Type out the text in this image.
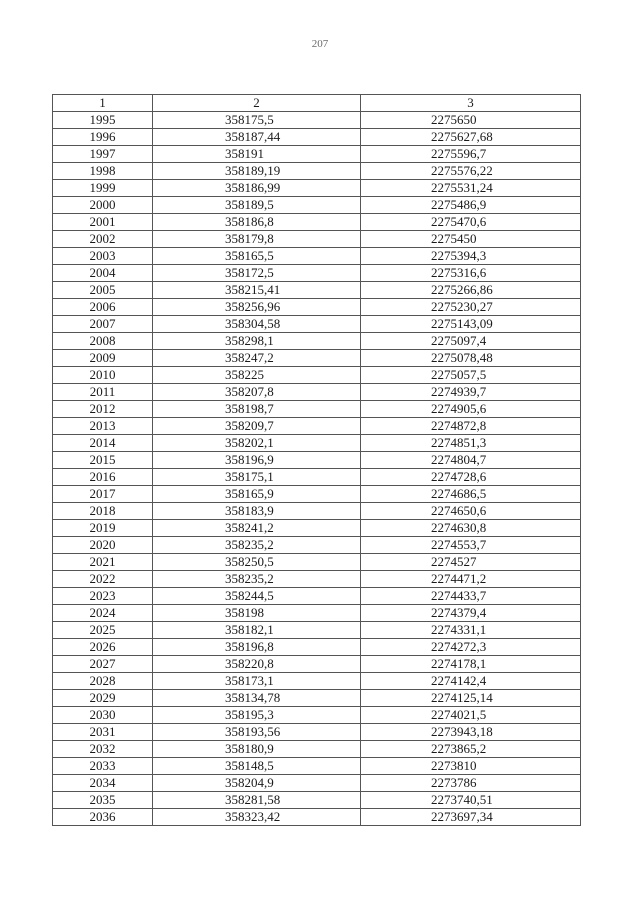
207
1	2	3
1995	358175,5	2275650
1996	358187,44	2275627,68
1997	358191	2275596,7
1998	358189,19	2275576,22
1999	358186,99	2275531,24
2000	358189,5	2275486,9
2001	358186,8	2275470,6
2002	358179,8	2275450
2003	358165,5	2275394,3
2004	358172,5	2275316,6
2005	358215,41	2275266,86
2006	358256,96	2275230,27
2007	358304,58	2275143,09
2008	358298,1	2275097,4
2009	358247,2	2275078,48
2010	358225	2275057,5
2011	358207,8	2274939,7
2012	358198,7	2274905,6
2013	358209,7	2274872,8
2014	358202,1	2274851,3
2015	358196,9	2274804,7
2016	358175,1	2274728,6
2017	358165,9	2274686,5
2018	358183,9	2274650,6
2019	358241,2	2274630,8
2020	358235,2	2274553,7
2021	358250,5	2274527
2022	358235,2	2274471,2
2023	358244,5	2274433,7
2024	358198	2274379,4
2025	358182,1	2274331,1
2026	358196,8	2274272,3
2027	358220,8	2274178,1
2028	358173,1	2274142,4
2029	358134,78	2274125,14
2030	358195,3	2274021,5
2031	358193,56	2273943,18
2032	358180,9	2273865,2
2033	358148,5	2273810
2034	358204,9	2273786
2035	358281,58	2273740,51
2036	358323,42	2273697,34
